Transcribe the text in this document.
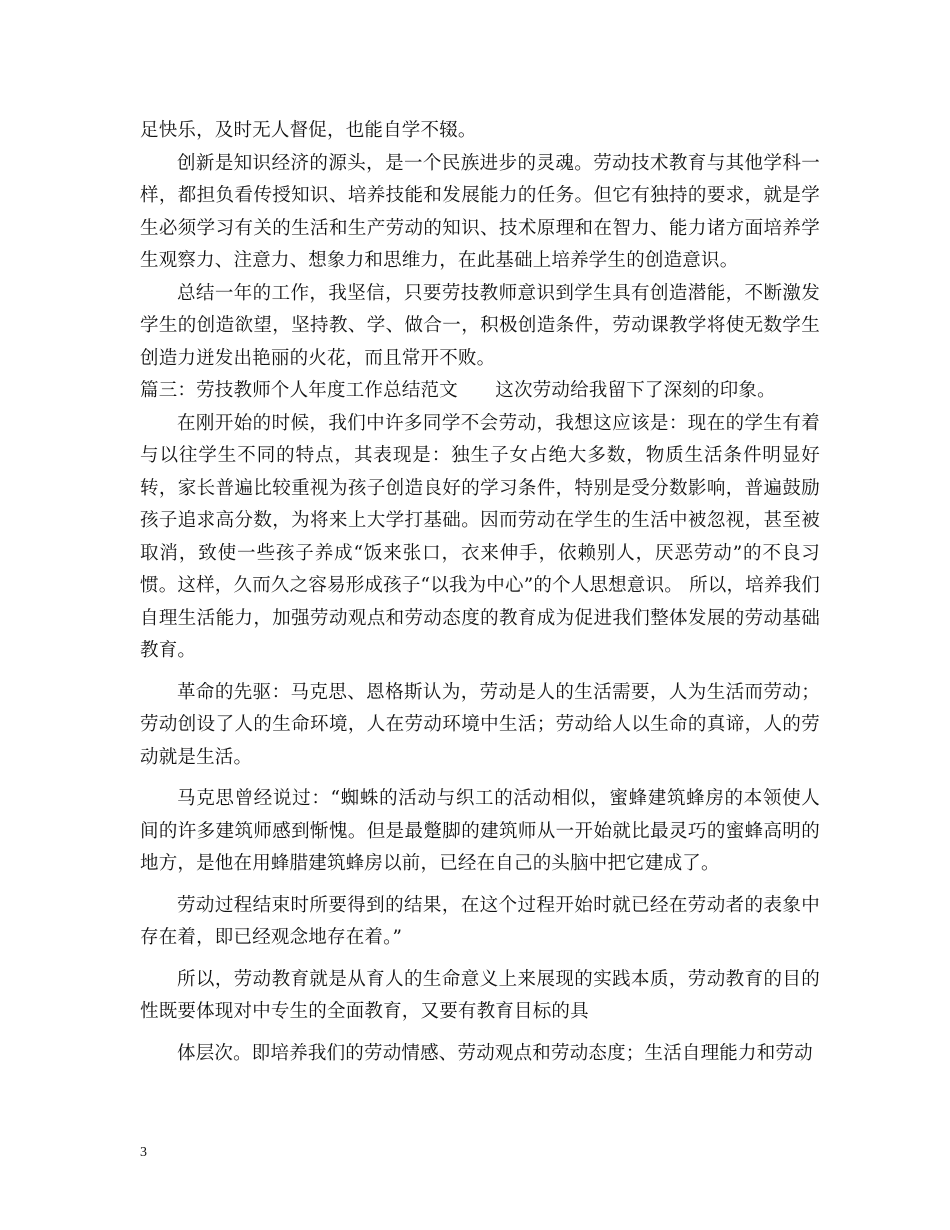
足快乐，及时无人督促，也能自学不辍。

创新是知识经济的源头，是一个民族进步的灵魂。劳动技术教育与其他学科一样，都担负看传授知识、培养技能和发展能力的任务。但它有独持的要求，就是学生必须学习有关的生活和生产劳动的知识、技术原理和在智力、能力诸方面培养学生观察力、注意力、想象力和思维力，在此基础上培养学生的创造意识。

总结一年的工作，我坚信，只要劳技教师意识到学生具有创造潜能，不断激发学生的创造欲望，坚持教、学、做合一，积极创造条件，劳动课教学将使无数学生创造力迸发出艳丽的火花，而且常开不败。

篇三：劳技教师个人年度工作总结范文　　这次劳动给我留下了深刻的印象。

在刚开始的时候，我们中许多同学不会劳动，我想这应该是：现在的学生有着与以往学生不同的特点，其表现是：独生子女占绝大多数，物质生活条件明显好转，家长普遍比较重视为孩子创造良好的学习条件，特别是受分数影响，普遍鼓励孩子追求高分数，为将来上大学打基础。因而劳动在学生的生活中被忽视，甚至被取消，致使一些孩子养成“饭来张口，衣来伸手，依赖别人，厌恶劳动”的不良习惯。这样，久而久之容易形成孩子“以我为中心”的个人思想意识。 所以，培养我们自理生活能力，加强劳动观点和劳动态度的教育成为促进我们整体发展的劳动基础教育。

革命的先驱：马克思、恩格斯认为，劳动是人的生活需要，人为生活而劳动；劳动创设了人的生命环境，人在劳动环境中生活；劳动给人以生命的真谛，人的劳动就是生活。

马克思曾经说过：“蜘蛛的活动与织工的活动相似，蜜蜂建筑蜂房的本领使人间的许多建筑师感到惭愧。但是最蹩脚的建筑师从一开始就比最灵巧的蜜蜂高明的地方，是他在用蜂腊建筑蜂房以前，已经在自己的头脑中把它建成了。

劳动过程结束时所要得到的结果，在这个过程开始时就已经在劳动者的表象中存在着，即已经观念地存在着。”

所以，劳动教育就是从育人的生命意义上来展现的实践本质，劳动教育的目的性既要体现对中专生的全面教育，又要有教育目标的具

体层次。即培养我们的劳动情感、劳动观点和劳动态度；生活自理能力和劳动

3
